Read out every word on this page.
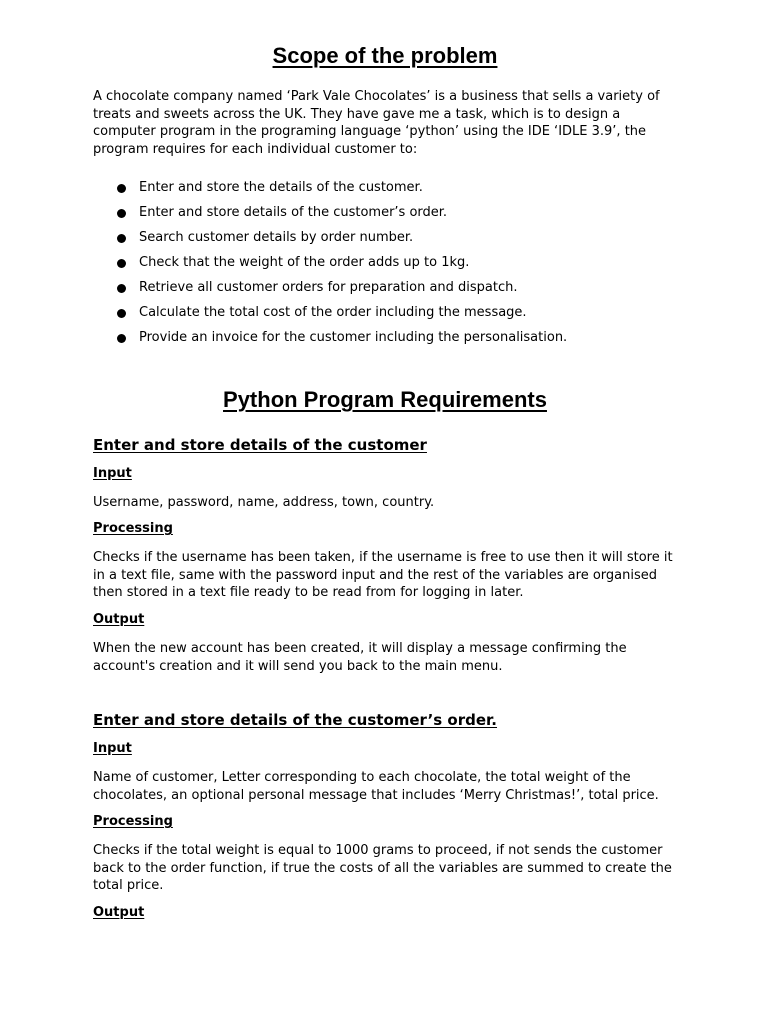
Scope of the problem

A chocolate company named ‘Park Vale Chocolates’ is a business that sells a variety of treats and sweets across the UK. They have gave me a task, which is to design a computer program in the programing language ‘python’ using the IDE ‘IDLE 3.9’, the program requires for each individual customer to:

Enter and store the details of the customer.
Enter and store details of the customer’s order.
Search customer details by order number.
Check that the weight of the order adds up to 1kg.
Retrieve all customer orders for preparation and dispatch.
Calculate the total cost of the order including the message.
Provide an invoice for the customer including the personalisation.
Python Program Requirements
Enter and store details of the customer
Input

Username, password, name, address, town, country.

Processing

Checks if the username has been taken, if the username is free to use then it will store it in a text file, same with the password input and the rest of the variables are organised then stored in a text file ready to be read from for logging in later.

Output

When the new account has been created, it will display a message confirming the account's creation and it will send you back to the main menu.

Enter and store details of the customer’s order.
Input

Name of customer, Letter corresponding to each chocolate, the total weight of the chocolates, an optional personal message that includes ‘Merry Christmas!’, total price.

Processing

Checks if the total weight is equal to 1000 grams to proceed, if not sends the customer back to the order function, if true the costs of all the variables are summed to create the total price.

Output
